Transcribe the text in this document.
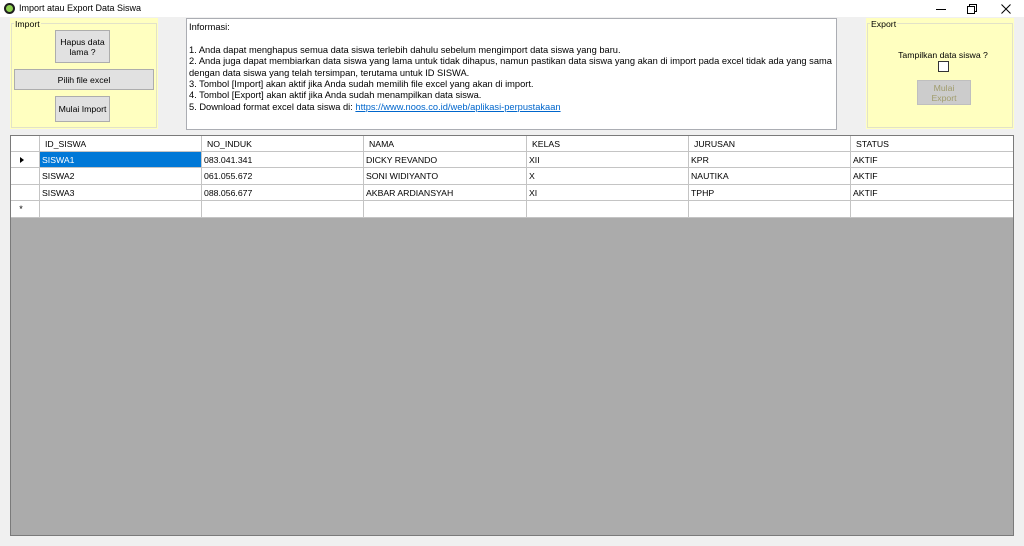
Import atau Export Data Siswa
Import
Hapus data lama ?
Pilih file excel
Mulai Import
Informasi:
1. Anda dapat menghapus semua data siswa terlebih dahulu sebelum mengimport data siswa yang baru.
2. Anda juga dapat membiarkan data siswa yang lama untuk tidak dihapus, namun pastikan data siswa yang akan di import pada excel tidak ada yang sama
dengan data siswa yang telah tersimpan, terutama untuk ID SISWA.
3. Tombol [Import] akan aktif jika Anda sudah memilih file excel yang akan di import.
4. Tombol [Export] akan aktif jika Anda sudah menampilkan data siswa.
5. Download format excel data siswa di: https://www.noos.co.id/web/aplikasi-perpustakaan
Export
Tampilkan data siswa ?
Mulai Export
ID_SISWA	NO_INDUK	NAMA	KELAS	JURUSAN	STATUS
SISWA1	083.041.341	DICKY REVANDO	XII	KPR	AKTIF
SISWA2	061.055.672	SONI WIDIYANTO	X	NAUTIKA	AKTIF
SISWA3	088.056.677	AKBAR ARDIANSYAH	XI	TPHP	AKTIF
*
